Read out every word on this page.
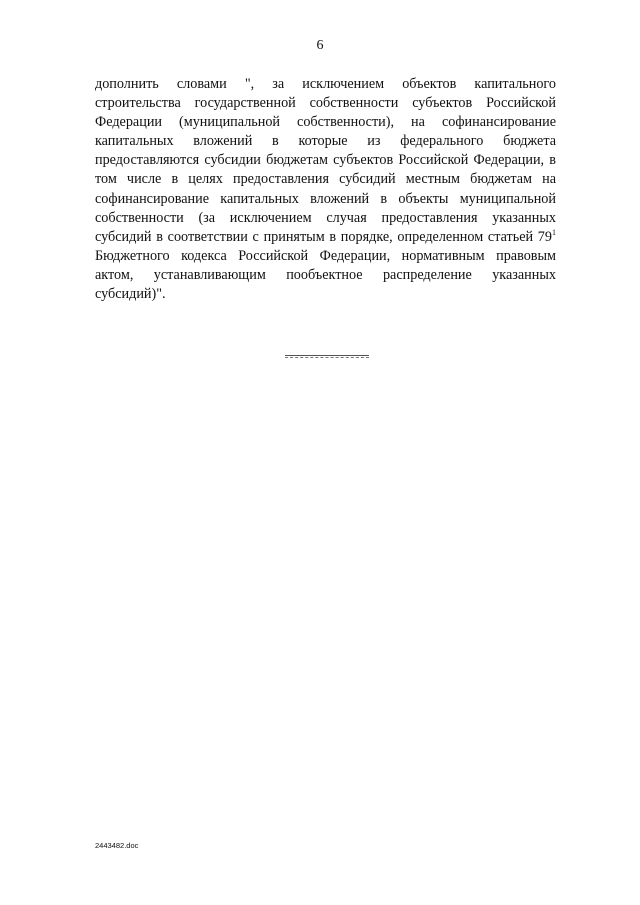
6
дополнить словами ", за исключением объектов капитального
строительства государственной собственности субъектов Российской
Федерации (муниципальной собственности), на софинансирование
капитальных вложений в которые из федерального бюджета
предоставляются субсидии бюджетам субъектов Российской Федерации, в
том числе в целях предоставления субсидий местным бюджетам на
софинансирование капитальных вложений в объекты муниципальной
собственности (за исключением случая предоставления указанных
субсидий в соответствии с принятым в порядке, определенном статьей $79^1$
Бюджетного кодекса Российской Федерации, нормативным правовым
актом, устанавливающим пообъектное распределение указанных
субсидий)".
2443482.doc
